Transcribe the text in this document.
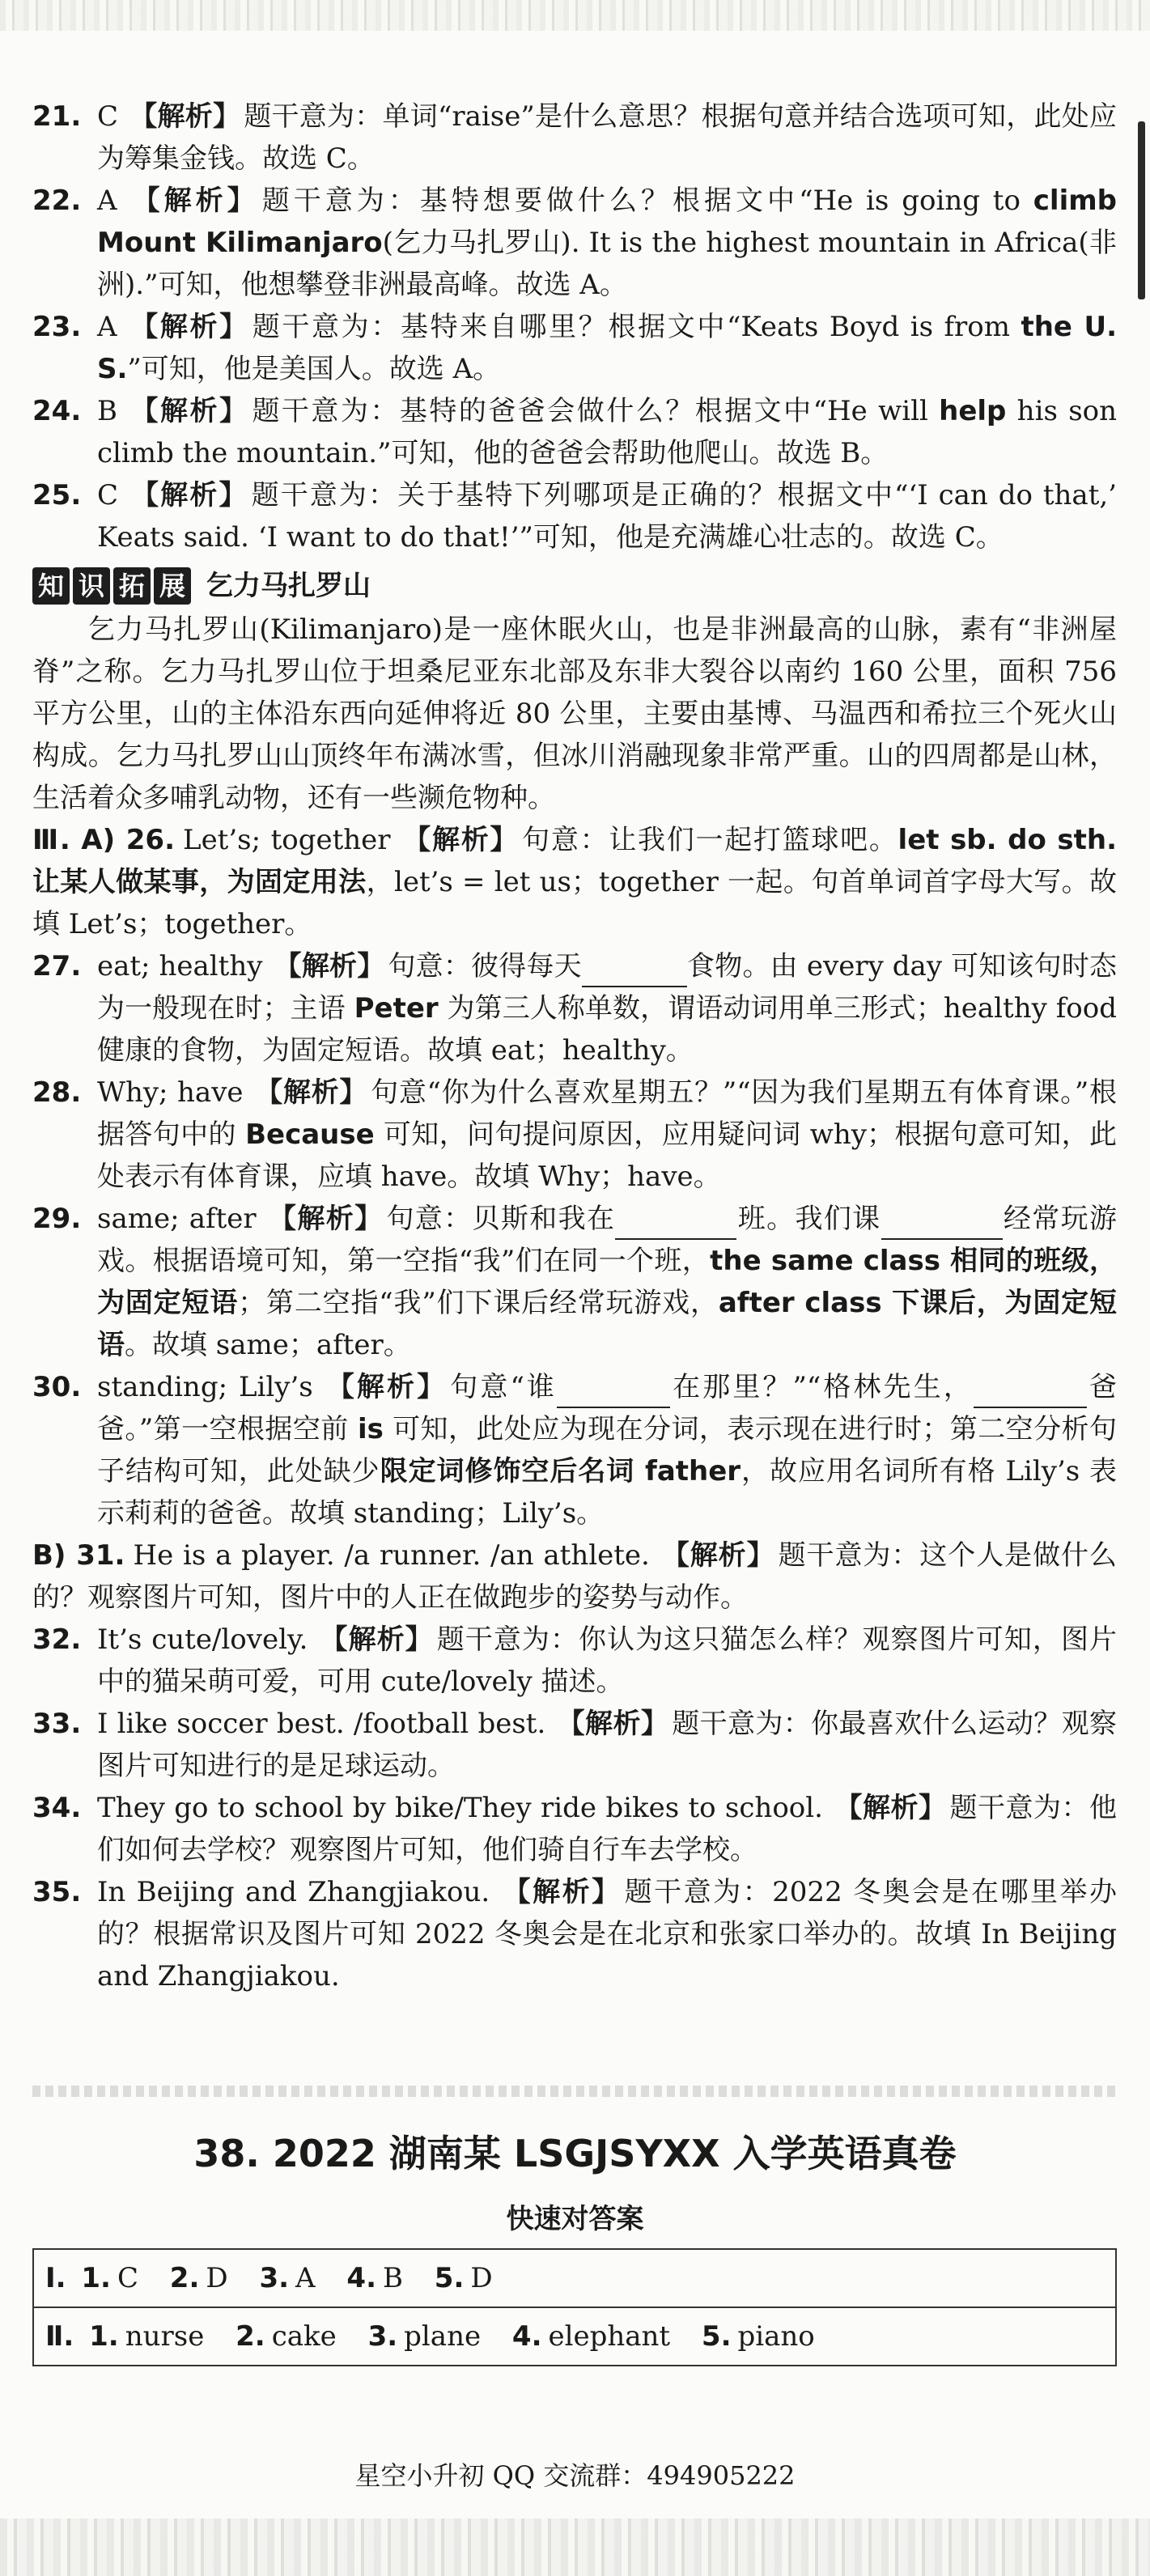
21. C 【解析】 题干意为：单词“raise”是什么意思？根据句意并结合选项可知，此处应为筹集金钱。故选 C。
22. A 【解析】 题干意为：基特想要做什么？根据文中“He is going to climb Mount Kilimanjaro(乞力马扎罗山). It is the highest mountain in Africa(非洲).”可知，他想攀登非洲最高峰。故选 A。
23. A 【解析】 题干意为：基特来自哪里？根据文中“Keats Boyd is from the U. S.”可知，他是美国人。故选 A。
24. B 【解析】 题干意为：基特的爸爸会做什么？根据文中“He will help his son climb the mountain.”可知，他的爸爸会帮助他爬山。故选 B。
25. C 【解析】 题干意为：关于基特下列哪项是正确的？根据文中“‘I can do that,’ Keats said. ‘I want to do that!’”可知，他是充满雄心壮志的。故选 C。
知 识 拓 展 乞力马扎罗山

乞力马扎罗山(Kilimanjaro)是一座休眠火山，也是非洲最高的山脉，素有“非洲屋脊”之称。乞力马扎罗山位于坦桑尼亚东北部及东非大裂谷以南约 160 公里，面积 756 平方公里，山的主体沿东西向延伸将近 80 公里，主要由基博、马温西和希拉三个死火山构成。乞力马扎罗山山顶终年布满冰雪，但冰川消融现象非常严重。山的四周都是山林，生活着众多哺乳动物，还有一些濒危物种。

Ⅲ. A) 26. Let’s; together 【解析】 句意：让我们一起打篮球吧。let sb. do sth. 让某人做某事，为固定用法，let’s = let us；together 一起。句首单词首字母大写。故填 Let’s；together。
27. eat; healthy 【解析】 句意：彼得每天	食物。由 every day 可知该句时态为一般现在时；主语 Peter 为第三人称单数，谓语动词用单三形式；healthy food 健康的食物，为固定短语。故填 eat；healthy。
28. Why; have 【解析】 句意“你为什么喜欢星期五？”“因为我们星期五有体育课。”根据答句中的 Because 可知，问句提问原因，应用疑问词 why；根据句意可知，此处表示有体育课，应填 have。故填 Why；have。
29. same; after 【解析】 句意：贝斯和我在	班。我们课	经常玩游戏。根据语境可知，第一空指“我”们在同一个班，the same class 相同的班级，为固定短语；第二空指“我”们下课后经常玩游戏，after class 下课后，为固定短语。故填 same；after。
30. standing; Lily’s 【解析】 句意“谁	在那里？”“格林先生，	爸爸。”第一空根据空前 is 可知，此处应为现在分词，表示现在进行时；第二空分析句子结构可知，此处缺少限定词修饰空后名词 father，故应用名词所有格 Lily’s 表示莉莉的爸爸。故填 standing；Lily’s。
B) 31. He is a player. /a runner. /an athlete. 【解析】 题干意为：这个人是做什么的？观察图片可知，图片中的人正在做跑步的姿势与动作。
32. It’s cute/lovely. 【解析】 题干意为：你认为这只猫怎么样？观察图片可知，图片中的猫呆萌可爱，可用 cute/lovely 描述。
33. I like soccer best. /football best. 【解析】 题干意为：你最喜欢什么运动？观察图片可知进行的是足球运动。
34. They go to school by bike/They ride bikes to school. 【解析】 题干意为：他们如何去学校？观察图片可知，他们骑自行车去学校。
35. In Beijing and Zhangjiakou. 【解析】 题干意为：2022 冬奥会是在哪里举办的？根据常识及图片可知 2022 冬奥会是在北京和张家口举办的。故填 In Beijing and Zhangjiakou.
38. 2022 湖南某 LSGJSYXX 入学英语真卷
快速对答案
Ⅰ. 1. C 2. D 3. A 4. B 5. D
Ⅱ. 1. nurse 2. cake 3. plane 4. elephant 5. piano
星空小升初 QQ 交流群：494905222
